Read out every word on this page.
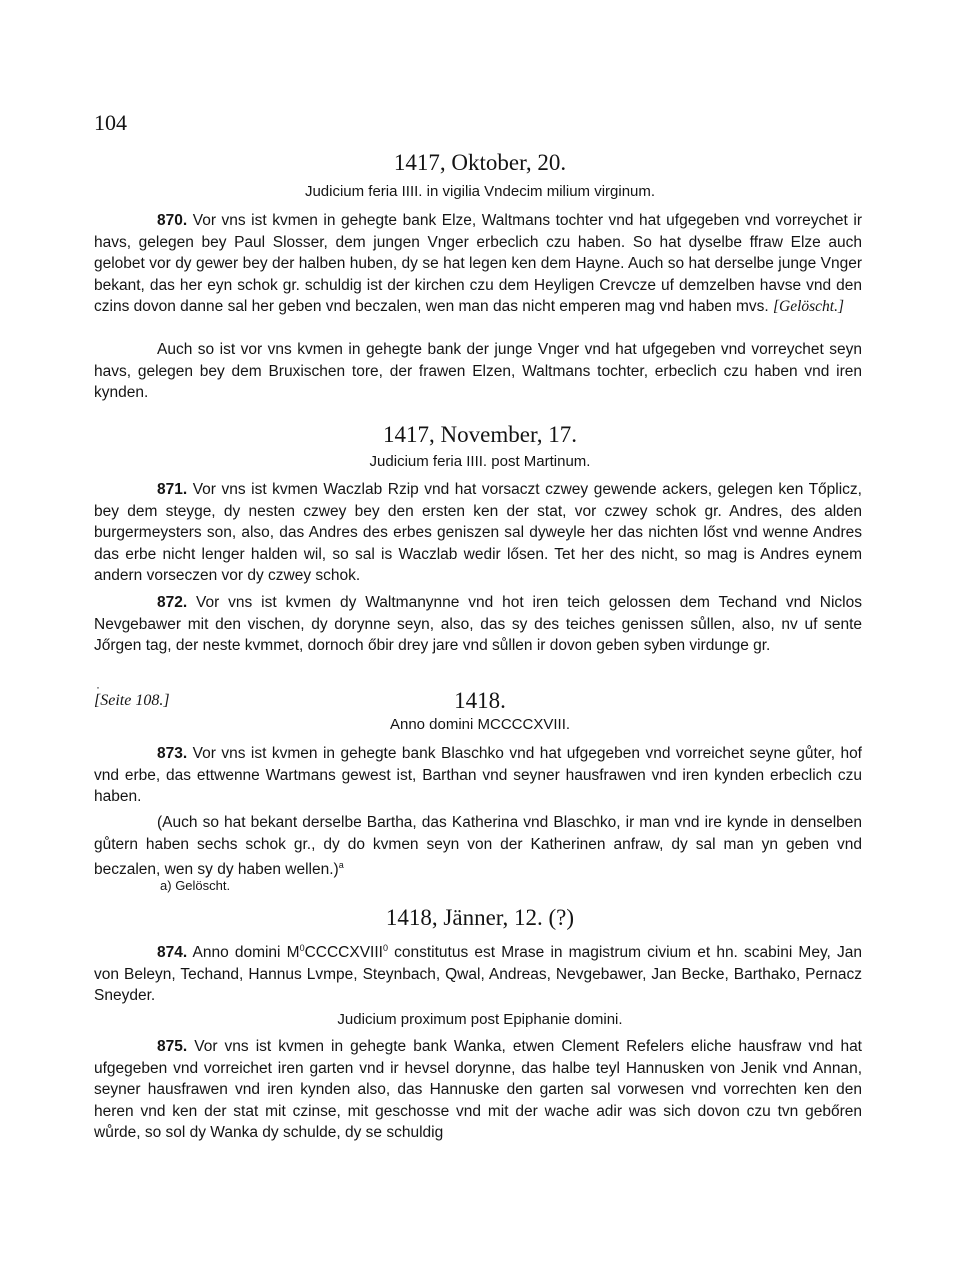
104
1417, Oktober, 20.
Judicium feria IIII. in vigilia Vndecim milium virginum.
870. Vor vns ist kvmen in gehegte bank Elze, Waltmans tochter vnd hat ufgegeben vnd vorreychet ir havs, gelegen bey Paul Slosser, dem jungen Vnger erbeclich czu haben. So hat dyselbe ffraw Elze auch gelobet vor dy gewer bey der halben huben, dy se hat legen ken dem Hayne. Auch so hat derselbe junge Vnger bekant, das her eyn schok gr. schuldig ist der kirchen czu dem Heyligen Crevcze uf demzelben havse vnd den czins dovon danne sal her geben vnd beczalen, wen man das nicht emperen mag vnd haben mvs. [Gelöscht.]
Auch so ist vor vns kvmen in gehegte bank der junge Vnger vnd hat ufgegeben vnd vorreychet seyn havs, gelegen bey dem Bruxischen tore, der frawen Elzen, Waltmans tochter, erbeclich czu haben vnd iren kynden.
1417, November, 17.
Judicium feria IIII. post Martinum.
871. Vor vns ist kvmen Waczlab Rzip vnd hat vorsaczt czwey gewende ackers, gelegen ken Tőplicz, bey dem steyge, dy nesten czwey bey den ersten ken der stat, vor czwey schok gr. Andres, des alden burgermeysters son, also, das Andres des erbes geniszen sal dyweyle her das nichten lőst vnd wenne Andres das erbe nicht lenger halden wil, so sal is Waczlab wedir lősen. Tet her des nicht, so mag is Andres eynem andern vorseczen vor dy czwey schok.
872. Vor vns ist kvmen dy Waltmanynne vnd hot iren teich gelossen dem Techand vnd Niclos Nevgebawer mit den vischen, dy dorynne seyn, also, das sy des teiches genissen sůllen, also, nv uf sente Jőrgen tag, der neste kvmmet, dornoch őbir drey jare vnd sůllen ir dovon geben syben virdunge gr.
·
[Seite 108.]	1418.
Anno domini MCCCCXVIII.
873. Vor vns ist kvmen in gehegte bank Blaschko vnd hat ufgegeben vnd vorreichet seyne gůter, hof vnd erbe, das ettwenne Wartmans gewest ist, Barthan vnd seyner hausfrawen vnd iren kynden erbeclich czu haben.
(Auch so hat bekant derselbe Bartha, das Katherina vnd Blaschko, ir man vnd ire kynde in denselben gůtern haben sechs schok gr., dy do kvmen seyn von der Katherinen anfraw, dy sal man yn geben vnd beczalen, wen sy dy haben wellen.)$^a$
a) Gelöscht.
1418, Jänner, 12. (?)
874. Anno domini $M^0CCCCXVIII^0$ constitutus est Mrase in magistrum civium et hn. scabini Mey, Jan von Beleyn, Techand, Hannus Lvmpe, Steynbach, Qwal, Andreas, Nevgebawer, Jan Becke, Barthako, Pernacz Sneyder.
Judicium proximum post Epiphanie domini.
875. Vor vns ist kvmen in gehegte bank Wanka, etwen Clement Refelers eliche hausfraw vnd hat ufgegeben vnd vorreichet iren garten vnd ir hevsel dorynne, das halbe teyl Hannusken von Jenik vnd Annan, seyner hausfrawen vnd iren kynden also, das Hannuske den garten sal vorwesen vnd vorrechten ken den heren vnd ken der stat mit czinse, mit geschosse vnd mit der wache adir was sich dovon czu tvn gebőren wůrde, so sol dy Wanka dy schulde, dy se schuldig
